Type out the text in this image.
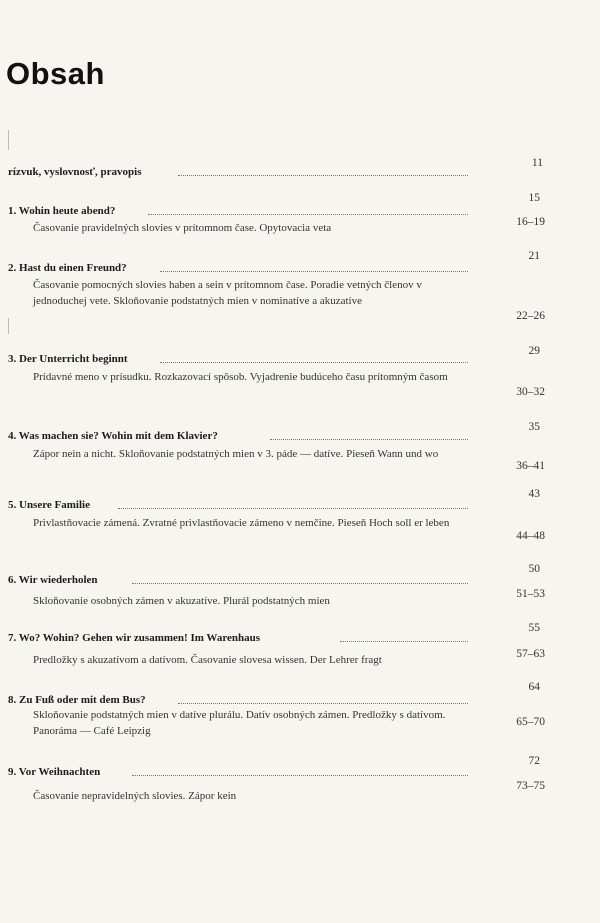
Obsah
rízvuk, vyslovnosť, pravopis
11
1. Wohin heute abend?
15
Časovanie pravidelných slovies v prítomnom čase. Opytovacia veta	16–19
2. Hast du einen Freund?
21
Časovanie pomocných slovies haben a sein v prítomnom čase. Poradie vetných členov v jednoduchej vete. Skloňovanie podstatných mien v nominatíve a akuzatíve
22–26
3. Der Unterricht beginnt
29
Prídavné meno v prísudku. Rozkazovací spôsob. Vyjadrenie budúceho času prítomným časom
30–32
4. Was machen sie? Wohin mit dem Klavier?
35
Zápor nein a nicht. Skloňovanie podstatných mien v 3. páde — datíve. Pieseň Wann und wo
36–41
5. Unsere Familie
43
Privlastňovacie zámená. Zvratné privlastňovacie zámeno v nemčine. Pieseň Hoch soll er leben
44–48
6. Wir wiederholen
50
Skloňovanie osobných zámen v akuzatíve. Plurál podstatných mien
51–53
7. Wo? Wohin? Gehen wir zusammen! Im Warenhaus
55
Predložky s akuzatívom a datívom. Časovanie slovesa wissen. Der Lehrer fragt	57–63
8. Zu Fuß oder mit dem Bus?
64
Skloňovanie podstatných mien v datíve plurálu. Datív osobných zámen. Predložky s datívom. Panoráma — Café Leipzig
65–70
9. Vor Weihnachten
72
Časovanie nepravidelných slovies. Zápor kein
73–75
